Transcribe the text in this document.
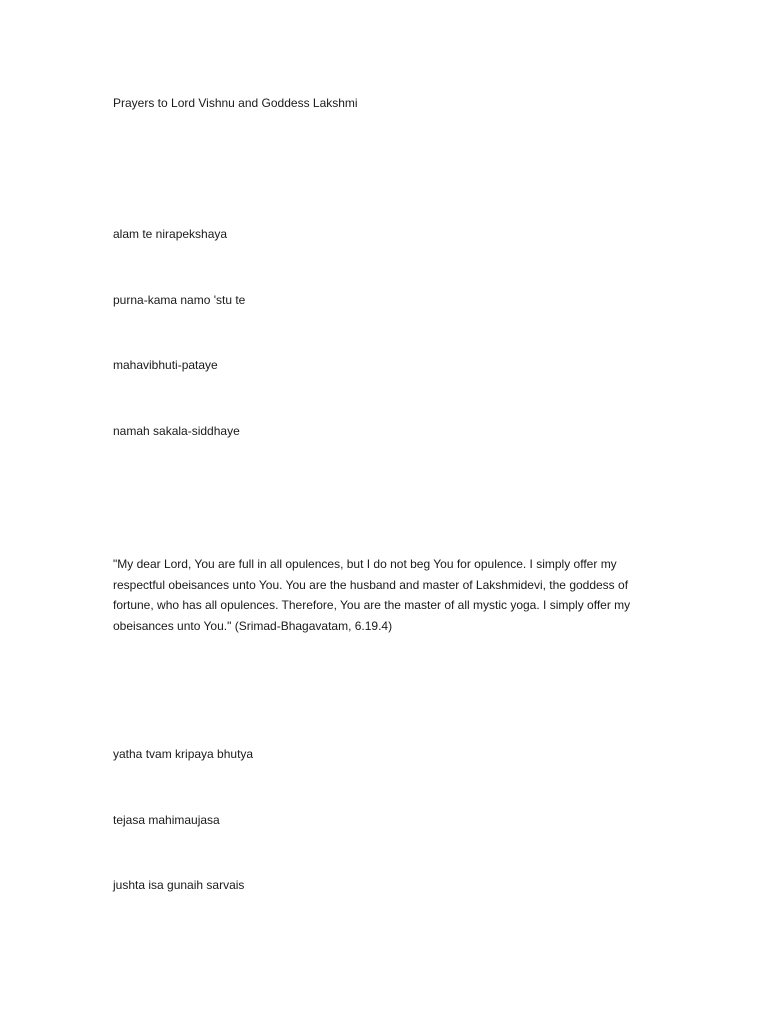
Prayers to Lord Vishnu and Goddess Lakshmi

alam te nirapekshaya

purna-kama namo 'stu te

mahavibhuti-pataye

namah sakala-siddhaye

"My dear Lord, You are full in all opulences, but I do not beg You for opulence. I simply offer my respectful obeisances unto You. You are the husband and master of Lakshmidevi, the goddess of fortune, who has all opulences. Therefore, You are the master of all mystic yoga. I simply offer my obeisances unto You." (Srimad-Bhagavatam, 6.19.4)

yatha tvam kripaya bhutya

tejasa mahimaujasa

jushta isa gunaih sarvais
